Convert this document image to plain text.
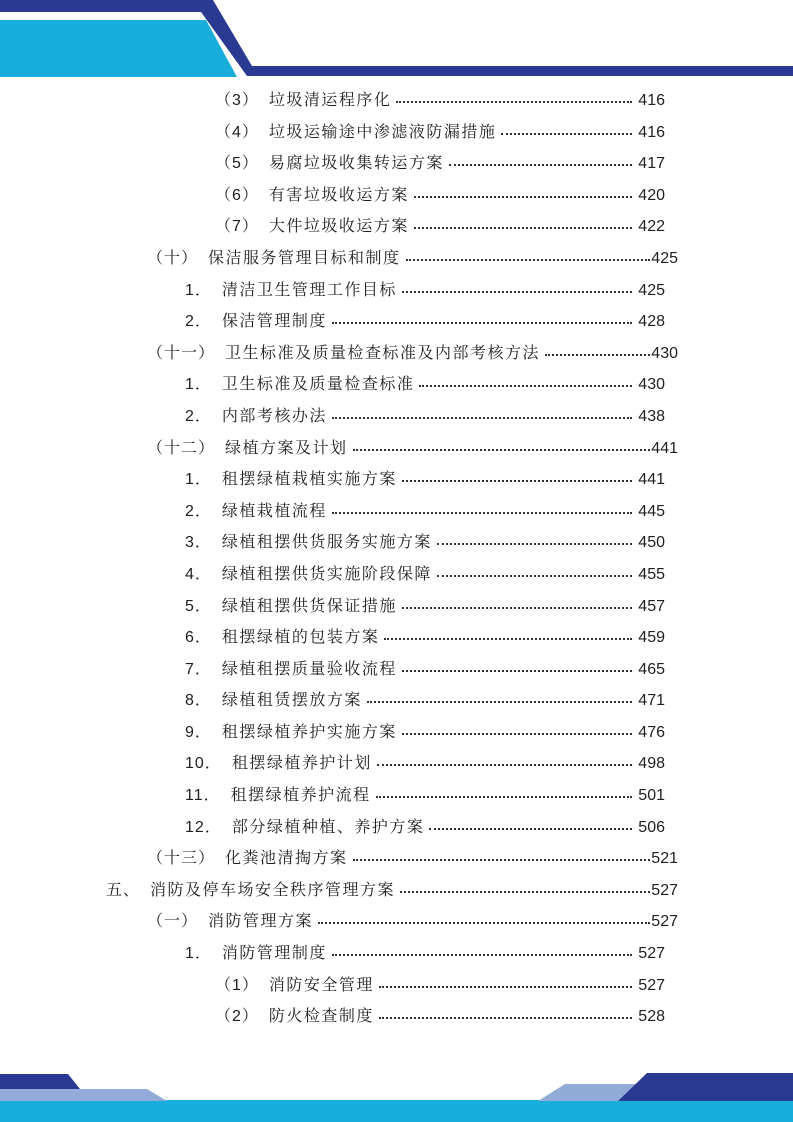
（3） 垃圾清运程序化	416
（4） 垃圾运输途中渗滤液防漏措施	416
（5） 易腐垃圾收集转运方案	417
（6） 有害垃圾收运方案	420
（7） 大件垃圾收运方案	422
（十） 保洁服务管理目标和制度	425
1． 清洁卫生管理工作目标	425
2． 保洁管理制度	428
（十一） 卫生标准及质量检查标准及内部考核方法	430
1． 卫生标准及质量检查标准	430
2． 内部考核办法	438
（十二） 绿植方案及计划	441
1． 租摆绿植栽植实施方案	441
2． 绿植栽植流程	445
3． 绿植租摆供货服务实施方案	450
4． 绿植租摆供货实施阶段保障	455
5． 绿植租摆供货保证措施	457
6． 租摆绿植的包装方案	459
7． 绿植租摆质量验收流程	465
8． 绿植租赁摆放方案	471
9． 租摆绿植养护实施方案	476
10． 租摆绿植养护计划	498
11． 租摆绿植养护流程	501
12． 部分绿植种植、养护方案	506
（十三） 化粪池清掏方案	521
五、 消防及停车场安全秩序管理方案	527
（一） 消防管理方案	527
1． 消防管理制度	527
（1） 消防安全管理	527
（2） 防火检查制度	528
